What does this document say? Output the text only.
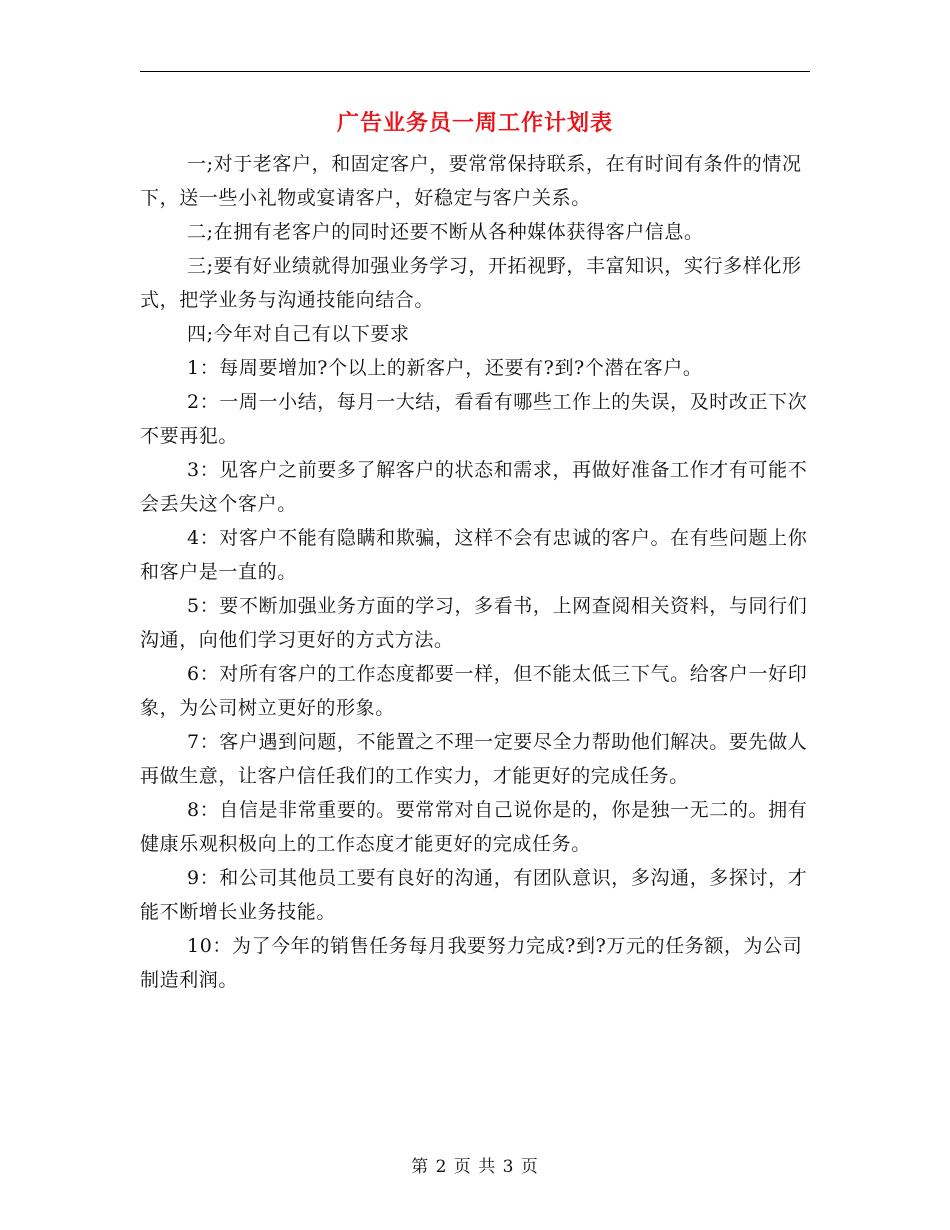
广告业务员一周工作计划表

一;对于老客户，和固定客户，要常常保持联系，在有时间有条件的情况下，送一些小礼物或宴请客户，好稳定与客户关系。

二;在拥有老客户的同时还要不断从各种媒体获得客户信息。

三;要有好业绩就得加强业务学习，开拓视野，丰富知识，实行多样化形式，把学业务与沟通技能向结合。

四;今年对自己有以下要求

1：每周要增加?个以上的新客户，还要有?到?个潜在客户。

2：一周一小结，每月一大结，看看有哪些工作上的失误，及时改正下次不要再犯。

3：见客户之前要多了解客户的状态和需求，再做好准备工作才有可能不会丢失这个客户。

4：对客户不能有隐瞒和欺骗，这样不会有忠诚的客户。在有些问题上你和客户是一直的。

5：要不断加强业务方面的学习，多看书，上网查阅相关资料，与同行们沟通，向他们学习更好的方式方法。

6：对所有客户的工作态度都要一样，但不能太低三下气。给客户一好印象，为公司树立更好的形象。

7：客户遇到问题，不能置之不理一定要尽全力帮助他们解决。要先做人再做生意，让客户信任我们的工作实力，才能更好的完成任务。

8：自信是非常重要的。要常常对自己说你是的，你是独一无二的。拥有健康乐观积极向上的工作态度才能更好的完成任务。

9：和公司其他员工要有良好的沟通，有团队意识，多沟通，多探讨，才能不断增长业务技能。

10：为了今年的销售任务每月我要努力完成?到?万元的任务额，为公司制造利润。

第 2 页 共 3 页
